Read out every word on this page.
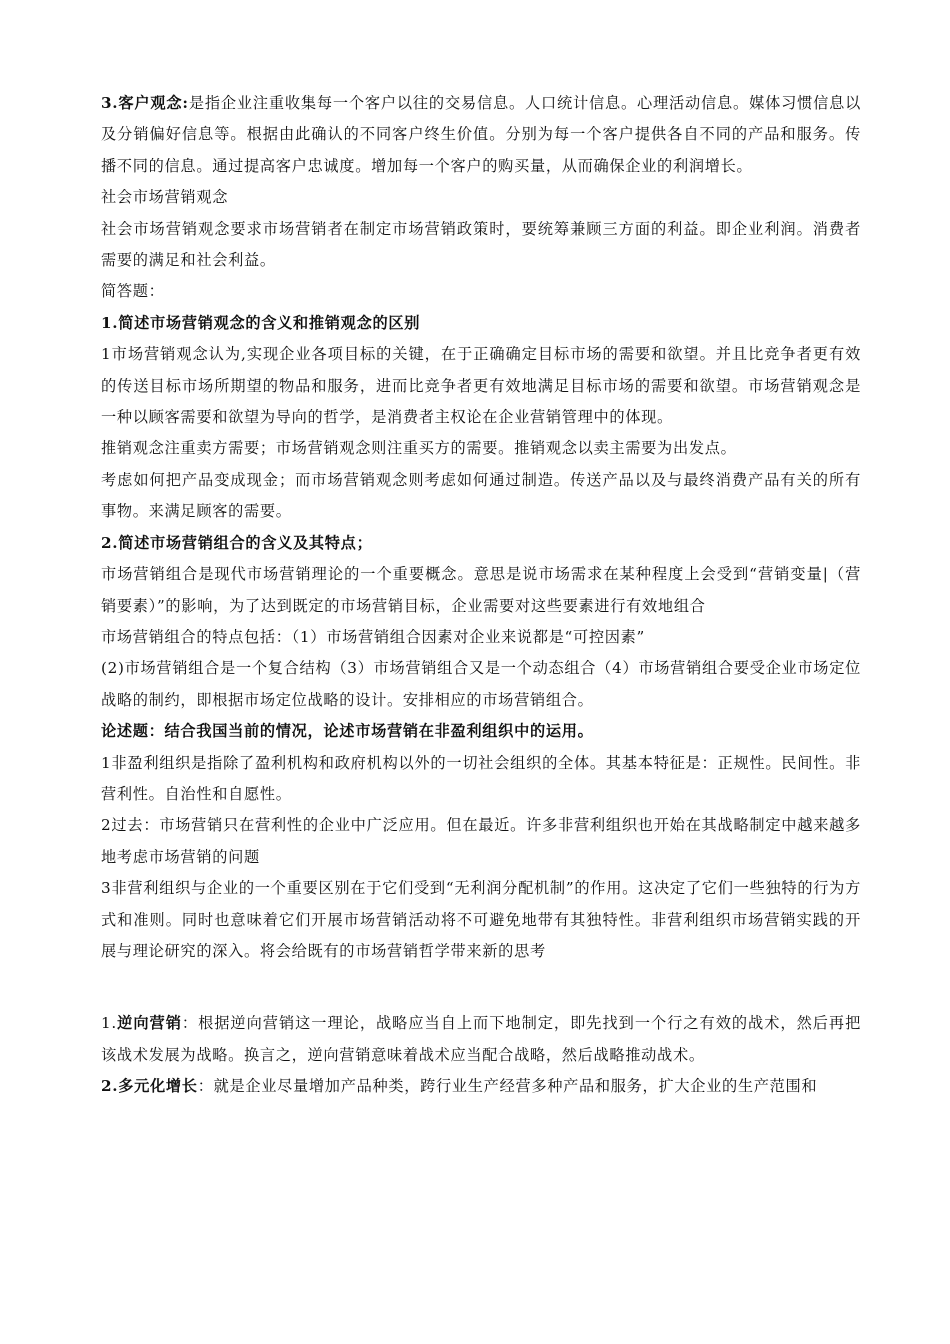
3.客户观念:是指企业注重收集每一个客户以往的交易信息。人口统计信息。心理活动信息。媒体习惯信息以及分销偏好信息等。根据由此确认的不同客户终生价值。分别为每一个客户提供各自不同的产品和服务。传播不同的信息。通过提高客户忠诚度。增加每一个客户的购买量，从而确保企业的利润增长。

社会市场营销观念

社会市场营销观念要求市场营销者在制定市场营销政策时，要统筹兼顾三方面的利益。即企业利润。消费者需要的满足和社会利益。

简答题：

1.简述市场营销观念的含义和推销观念的区别

1市场营销观念认为,实现企业各项目标的关键，在于正确确定目标市场的需要和欲望。并且比竞争者更有效的传送目标市场所期望的物品和服务，进而比竞争者更有效地满足目标市场的需要和欲望。市场营销观念是一种以顾客需要和欲望为导向的哲学，是消费者主权论在企业营销管理中的体现。

推销观念注重卖方需要；市场营销观念则注重买方的需要。推销观念以卖主需要为出发点。

考虑如何把产品变成现金；而市场营销观念则考虑如何通过制造。传送产品以及与最终消费产品有关的所有事物。来满足顾客的需要。

2.简述市场营销组合的含义及其特点；

市场营销组合是现代市场营销理论的一个重要概念。意思是说市场需求在某种程度上会受到“营销变量|（营销要素）”的影响，为了达到既定的市场营销目标，企业需要对这些要素进行有效地组合

市场营销组合的特点包括：（1）市场营销组合因素对企业来说都是“可控因素”

(2)市场营销组合是一个复合结构（3）市场营销组合又是一个动态组合（4）市场营销组合要受企业市场定位战略的制约，即根据市场定位战略的设计。安排相应的市场营销组合。

论述题：结合我国当前的情况，论述市场营销在非盈利组织中的运用。

1非盈利组织是指除了盈利机构和政府机构以外的一切社会组织的全体。其基本特征是：正规性。民间性。非营利性。自治性和自愿性。

2过去：市场营销只在营利性的企业中广泛应用。但在最近。许多非营利组织也开始在其战略制定中越来越多地考虑市场营销的问题

3非营利组织与企业的一个重要区别在于它们受到“无利润分配机制”的作用。这决定了它们一些独特的行为方式和准则。同时也意味着它们开展市场营销活动将不可避免地带有其独特性。非营利组织市场营销实践的开展与理论研究的深入。将会给既有的市场营销哲学带来新的思考

1.逆向营销：根据逆向营销这一理论，战略应当自上而下地制定，即先找到一个行之有效的战术，然后再把该战术发展为战略。换言之，逆向营销意味着战术应当配合战略，然后战略推动战术。

2.多元化增长：就是企业尽量增加产品种类，跨行业生产经营多种产品和服务，扩大企业的生产范围和
